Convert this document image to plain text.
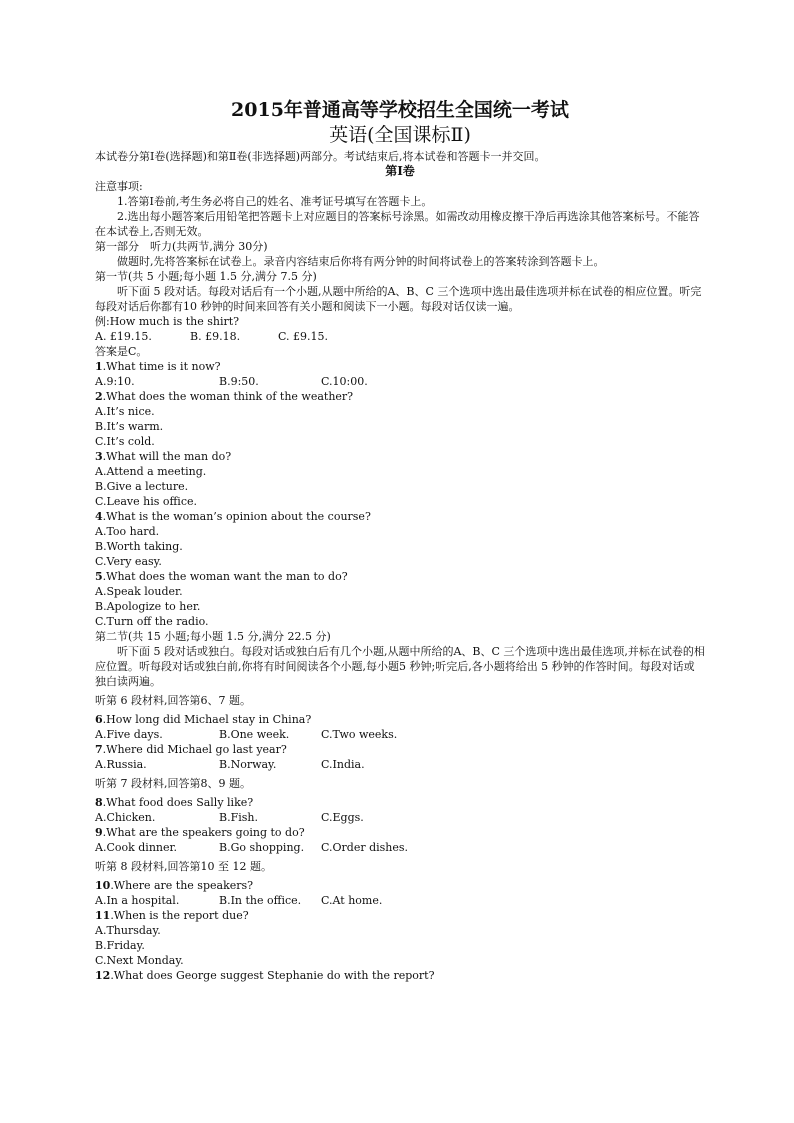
2015年普通高等学校招生全国统一考试
英语(全国课标Ⅱ)
本试卷分第Ⅰ卷(选择题)和第Ⅱ卷(非选择题)两部分。考试结束后,将本试卷和答题卡一并交回。
第Ⅰ卷
注意事项:
1.答第Ⅰ卷前,考生务必将自己的姓名、准考证号填写在答题卡上。
2.选出每小题答案后用铅笔把答题卡上对应题目的答案标号涂黑。如需改动用橡皮擦干净后再选涂其他答案标号。不能答在本试卷上,否则无效。
第一部分　听力(共两节,满分 30分)
做题时,先将答案标在试卷上。录音内容结束后你将有两分钟的时间将试卷上的答案转涂到答题卡上。
第一节(共 5 小题;每小题 1.5 分,满分 7.5 分)
听下面 5 段对话。每段对话后有一个小题,从题中所给的A、B、C 三个选项中选出最佳选项并标在试卷的相应位置。听完每段对话后你都有10 秒钟的时间来回答有关小题和阅读下一小题。每段对话仅读一遍。
例:How much is the shirt?
A. £19.15.	B. £9.18.	C. £9.15.
答案是C。
1.What time is it now?
A.9:10.	B.9:50.	C.10:00.
2.What does the woman think of the weather?
A.It’s nice.
B.It’s warm.
C.It’s cold.
3.What will the man do?
A.Attend a meeting.
B.Give a lecture.
C.Leave his office.
4.What is the woman’s opinion about the course?
A.Too hard.
B.Worth taking.
C.Very easy.
5.What does the woman want the man to do?
A.Speak louder.
B.Apologize to her.
C.Turn off the radio.
第二节(共 15 小题;每小题 1.5 分,满分 22.5 分)
听下面 5 段对话或独白。每段对话或独白后有几个小题,从题中所给的A、B、C 三个选项中选出最佳选项,并标在试卷的相应位置。听每段对话或独白前,你将有时间阅读各个小题,每小题5 秒钟;听完后,各小题将给出 5 秒钟的作答时间。每段对话或独白读两遍。
听第 6 段材料,回答第6、7 题。
6.How long did Michael stay in China?
A.Five days.	B.One week.	C.Two weeks.
7.Where did Michael go last year?
A.Russia.	B.Norway.	C.India.
听第 7 段材料,回答第8、9 题。
8.What food does Sally like?
A.Chicken.	B.Fish.	C.Eggs.
9.What are the speakers going to do?
A.Cook dinner.	B.Go shopping.	C.Order dishes.
听第 8 段材料,回答第10 至 12 题。
10.Where are the speakers?
A.In a hospital.	B.In the office.	C.At home.
11.When is the report due?
A.Thursday.
B.Friday.
C.Next Monday.
12.What does George suggest Stephanie do with the report?
